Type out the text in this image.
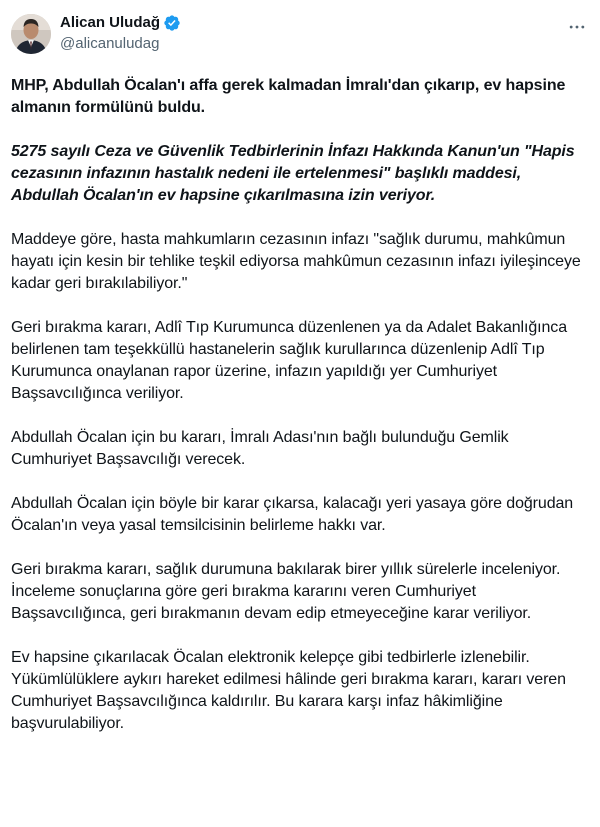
Alican Uludağ
@alicanuludag

MHP, Abdullah Öcalan'ı affa gerek kalmadan İmralı'dan çıkarıp, ev hapsine almanın formülünü buldu.

5275 sayılı Ceza ve Güvenlik Tedbirlerinin İnfazı Hakkında Kanun'un "Hapis cezasının infazının hastalık nedeni ile ertelenmesi" başlıklı maddesi, Abdullah Öcalan'ın ev hapsine çıkarılmasına izin veriyor.

Maddeye göre, hasta mahkumların cezasının infazı "sağlık durumu, mahkûmun hayatı için kesin bir tehlike teşkil ediyorsa mahkûmun cezasının infazı iyileşinceye kadar geri bırakılabiliyor."

Geri bırakma kararı, Adlî Tıp Kurumunca düzenlenen ya da Adalet Bakanlığınca belirlenen tam teşekküllü hastanelerin sağlık kurullarınca düzenlenip Adlî Tıp Kurumunca onaylanan rapor üzerine, infazın yapıldığı yer Cumhuriyet Başsavcılığınca veriliyor.

Abdullah Öcalan için bu kararı, İmralı Adası'nın bağlı bulunduğu Gemlik Cumhuriyet Başsavcılığı verecek.

Abdullah Öcalan için böyle bir karar çıkarsa, kalacağı yeri yasaya göre doğrudan Öcalan'ın veya yasal temsilcisinin belirleme hakkı var.

Geri bırakma kararı, sağlık durumuna bakılarak birer yıllık sürelerle inceleniyor. İnceleme sonuçlarına göre geri bırakma kararını veren Cumhuriyet Başsavcılığınca, geri bırakmanın devam edip etmeyeceğine karar veriliyor.

Ev hapsine çıkarılacak Öcalan elektronik kelepçe gibi tedbirlerle izlenebilir. Yükümlülüklere aykırı hareket edilmesi hâlinde geri bırakma kararı, kararı veren Cumhuriyet Başsavcılığınca kaldırılır. Bu karara karşı infaz hâkimliğine başvurulabiliyor.
